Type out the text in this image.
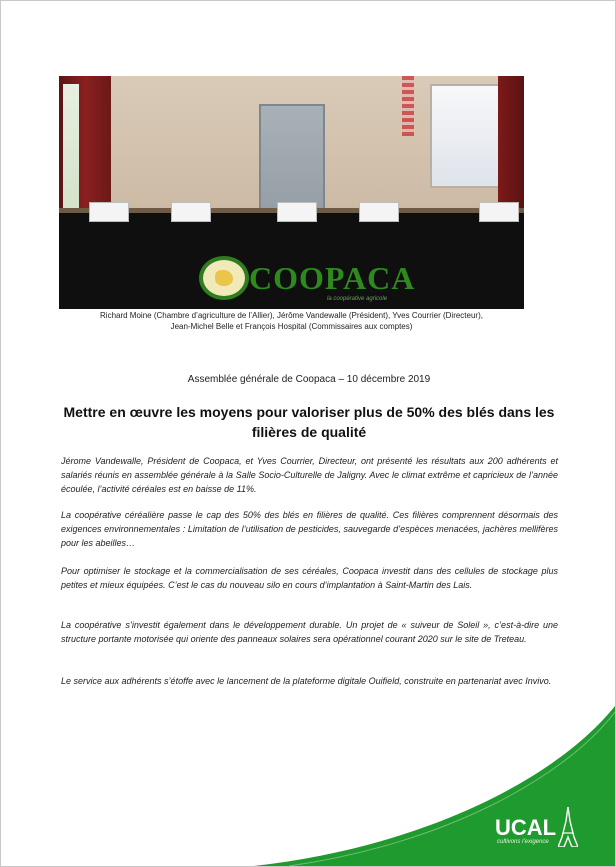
COOPACA
la coopérative agricole
Richard Moine (Chambre d’agriculture de l’Allier), Jérôme Vandewalle (Président), Yves Courrier (Directeur),
Jean-Michel Belle et François Hospital (Commissaires aux comptes)
Assemblée générale de Coopaca – 10 décembre 2019
Mettre en œuvre les moyens pour valoriser plus de 50% des blés dans les filières de qualité

Jérome Vandewalle, Président de Coopaca, et Yves Courrier, Directeur, ont présenté les résultats aux 200 adhérents et salariés réunis en assemblée générale à la Salle Socio-Culturelle de Jaligny. Avec le climat extrême et capricieux de l’année écoulée, l’activité céréales est en baisse de 11%.

La coopérative céréalière passe le cap des 50% des blés en filières de qualité. Ces filières comprennent désormais des exigences environnementales : Limitation de l’utilisation de pesticides, sauvegarde d’espèces menacées, jachères mellifères pour les abeilles…

Pour optimiser le stockage et la commercialisation de ses céréales, Coopaca investit dans des cellules de stockage plus petites et mieux équipées. C’est le cas du nouveau silo en cours d’implantation à Saint-Martin des Lais.

La coopérative s’investit également dans le développement durable. Un projet de « suiveur de Soleil », c’est-à-dire une structure portante motorisée qui oriente des panneaux solaires sera opérationnel courant 2020 sur le site de Treteau.

Le service aux adhérents s’étoffe avec le lancement de la plateforme digitale Ouifield, construite en partenariat avec Invivo.

UCAL
cultivons l’exigence
